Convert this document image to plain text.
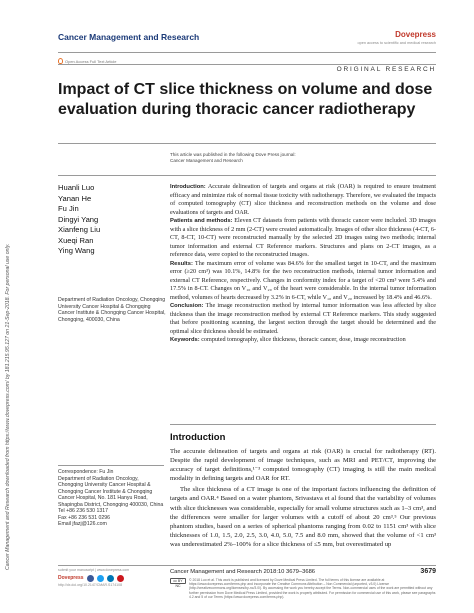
Cancer Management and Research downloaded from https://www.dovepress.com/ by 181.215.95.127 on 21-Sep-2018. For personal use only.
Cancer Management and Research	Dovepress
open access to scientific and medical research
Open Access Full Text Article
ORIGINAL RESEARCH
Impact of CT slice thickness on volume and dose evaluation during thoracic cancer radiotherapy
This article was published in the following Dove Press journal:
Cancer Management and Research
Huanli Luo
Yanan He
Fu Jin
Dingyi Yang
Xianfeng Liu
Xueqi Ran
Ying Wang
Department of Radiation Oncology, Chongqing University Cancer Hospital & Chongqing Cancer Institute & Chongqing Cancer Hospital, Chongqing, 400030, China

Introduction: Accurate delineation of targets and organs at risk (OAR) is required to ensure treatment efficacy and minimize risk of normal tissue toxicity with radiotherapy. Therefore, we evaluated the impacts of computed tomography (CT) slice thickness and reconstruction methods on the volume and dose evaluations of targets and OAR.

Patients and methods: Eleven CT datasets from patients with thoracic cancer were included. 3D images with a slice thickness of 2 mm (2-CT) were created automatically. Images of other slice thickness (4-CT, 6-CT, 8-CT, 10-CT) were reconstructed manually by the selected 2D images using two methods; internal tumor information and external CT Reference markers. Structures and plans on 2-CT images, as a reference data, were copied to the reconstructed images.

Results: The maximum error of volume was 84.6% for the smallest target in 10-CT, and the maximum error (≥20 cm³) was 10.1%, 14.8% for the two reconstruction methods, internal tumor information and external CT Reference, respectively. Changes in conformity index for a target of <20 cm³ were 5.4% and 17.5% in 8-CT. Changes on V₁₀ and V₂₀ of the heart were considerable. In the internal tumor information method, volumes of hearts decreased by 3.2% in 6-CT, while V₁₀ and V₂₀ increased by 18.4% and 46.6%.

Conclusion: The image reconstruction method by internal tumor information was less affected by slice thickness than the image reconstruction method by external CT Reference markers. This study suggested that before positioning scanning, the largest section through the target should be determined and the optimal slice thickness should be estimated.

Keywords: computed tomography, slice thickness, thoracic cancer, dose, image reconstruction

Introduction

The accurate delineation of targets and organs at risk (OAR) is crucial for radiotherapy (RT). Despite the rapid development of image techniques, such as MRI and PET/CT, improving the accuracy of target definitions,¹⁻³ computed tomography (CT) imaging is still the main medical modality in defining targets and OAR for RT.

The slice thickness of a CT image is one of the important factors influencing the definition of targets and OAR.⁴ Based on a water phantom, Srivastava et al found that the variability of volumes with slice thicknesses was considerable, especially for small volume structures such as 1–3 cm³, and the differences were smaller for larger volumes with a cutoff of about 20 cm³.⁵ Our previous phantom studies, based on a series of spherical phantoms ranging from 0.02 to 1151 cm³ with slice thicknesses of 1.0, 1.5, 2.0, 2.5, 3.0, 4.0, 5.0, 7.5 and 8.0 mm, showed that the volume of <1 cm³ was underestimated 2%–100% for a slice thickness of ≤5 mm, but overestimated up

Correspondence: Fu Jin
Department of Radiation Oncology, Chongqing University Cancer Hospital & Chongqing Cancer Institute & Chongqing Cancer Hospital, No. 181 Hanyu Road, Shapingba District, Chongqing 400030, China
Tel +86 236 530 1317
Fax +86 236 531 0296
Email jfazj@126.com
submit your manuscript | www.dovepress.com
Dovepress
http://dx.doi.org/10.2147/CMAR.S174108
Cancer Management and Research 2018:10 3679–3686	3679
cc BY NC
© 2018 Luo et al. This work is published and licensed by Dove Medical Press Limited. The full terms of this license are available at https://www.dovepress.com/terms.php and incorporate the Creative Commons Attribution – Non Commercial (unported, v3.0) License (http://creativecommons.org/licenses/by-nc/3.0/). By accessing the work you hereby accept the Terms. Non-commercial uses of the work are permitted without any further permission from Dove Medical Press Limited, provided the work is properly attributed. For permission for commercial use of this work, please see paragraphs 4.2 and 5 of our Terms (https://www.dovepress.com/terms.php).
